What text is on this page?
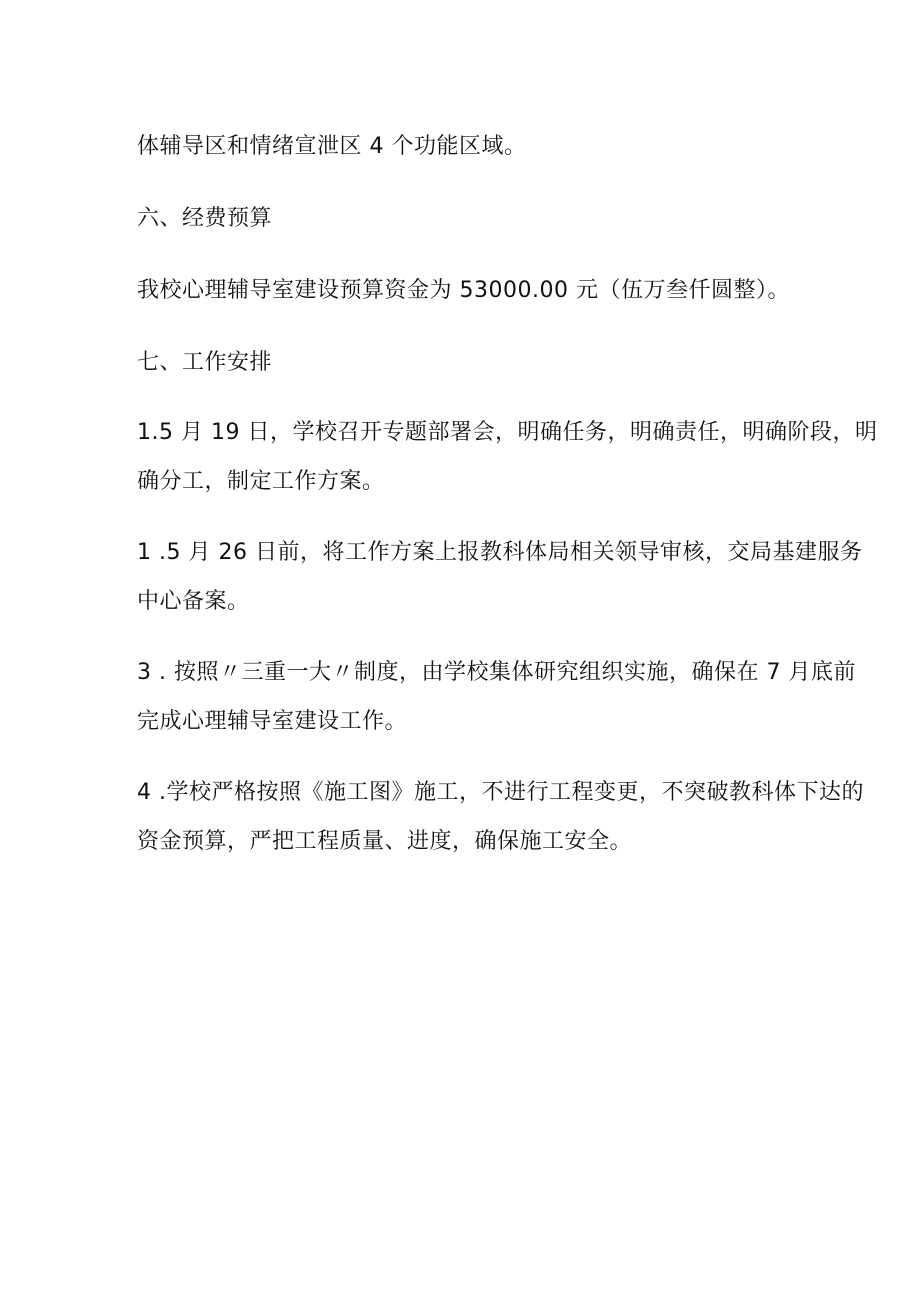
体辅导区和情绪宣泄区 4 个功能区域。
六、经费预算
我校心理辅导室建设预算资金为 53000.00 元（伍万叁仟圆整）。
七、工作安排
1.5 月 19 日，学校召开专题部署会，明确任务，明确责任，明确阶段，明
确分工，制定工作方案。
1 .5 月 26 日前，将工作方案上报教科体局相关领导审核，交局基建服务
中心备案。
3 . 按照〃三重一大〃制度，由学校集体研究组织实施，确保在 7 月底前
完成心理辅导室建设工作。
4 .学校严格按照《施工图》施工，不进行工程变更，不突破教科体下达的
资金预算，严把工程质量、进度，确保施工安全。
